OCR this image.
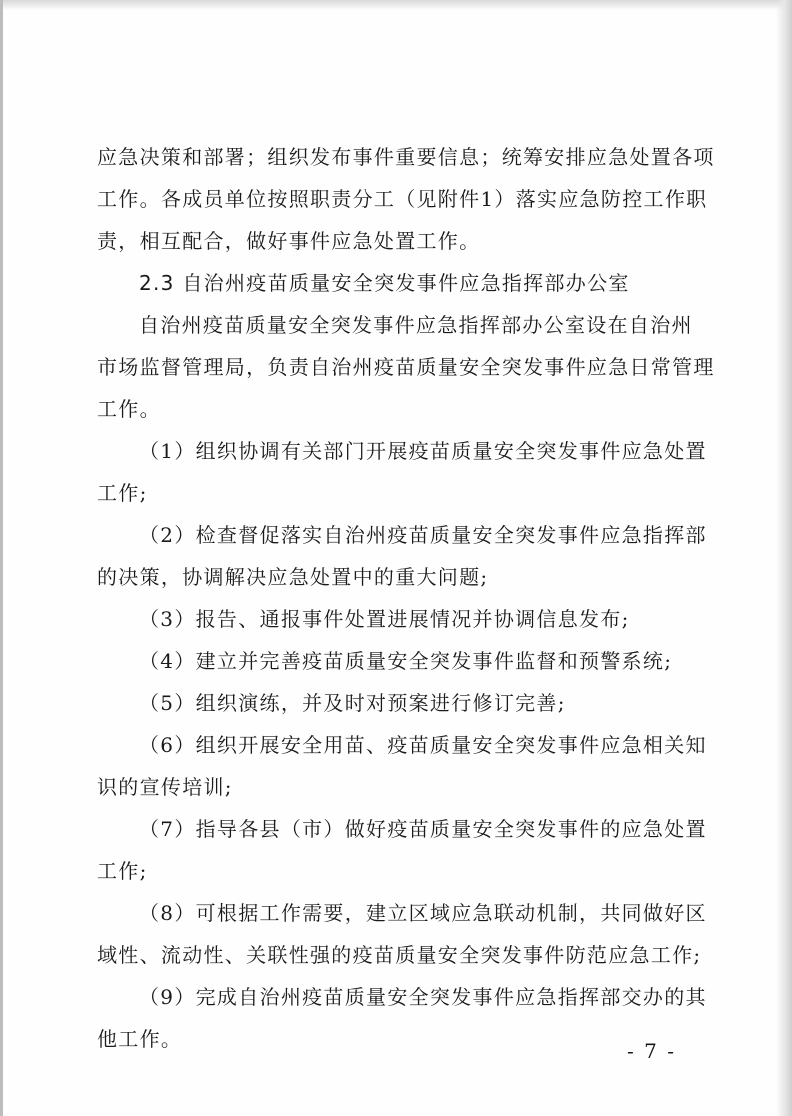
应急决策和部署；组织发布事件重要信息；统筹安排应急处置各项
工作。各成员单位按照职责分工（见附件1）落实应急防控工作职
责，相互配合，做好事件应急处置工作。
2.3 自治州疫苗质量安全突发事件应急指挥部办公室
自治州疫苗质量安全突发事件应急指挥部办公室设在自治州
市场监督管理局，负责自治州疫苗质量安全突发事件应急日常管理
工作。
（1）组织协调有关部门开展疫苗质量安全突发事件应急处置
工作;
（2）检查督促落实自治州疫苗质量安全突发事件应急指挥部
的决策，协调解决应急处置中的重大问题;
（3）报告、通报事件处置进展情况并协调信息发布;
（4）建立并完善疫苗质量安全突发事件监督和预警系统;
（5）组织演练，并及时对预案进行修订完善;
（6）组织开展安全用苗、疫苗质量安全突发事件应急相关知
识的宣传培训;
（7）指导各县（市）做好疫苗质量安全突发事件的应急处置
工作;
（8）可根据工作需要，建立区域应急联动机制，共同做好区
域性、流动性、关联性强的疫苗质量安全突发事件防范应急工作;
（9）完成自治州疫苗质量安全突发事件应急指挥部交办的其
他工作。	- 7 -
